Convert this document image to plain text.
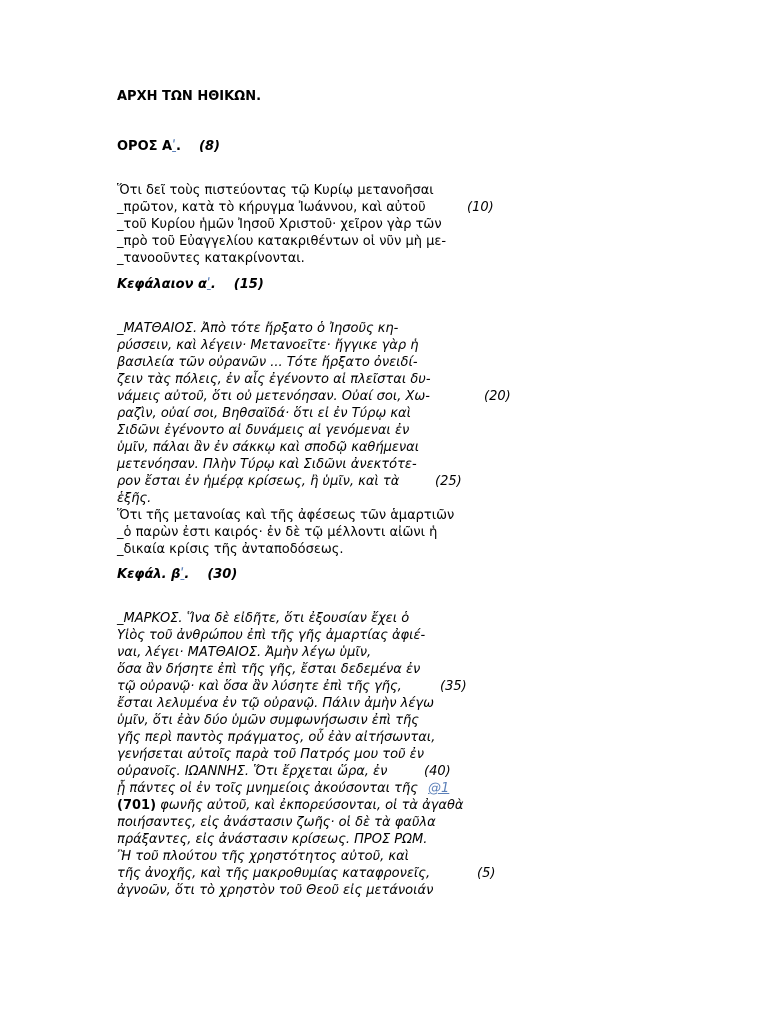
ΑΡΧΗ ΤΩΝ ΗΘΙΚΩΝ.
ΟΡΟΣ Αʹ. (8)
Ὅτι δεῖ τοὺς πιστεύοντας τῷ Κυρίῳ μετανοῆσαι
_πρῶτον, κατὰ τὸ κήρυγμα Ἰωάννου, καὶ αὐτοῦ	(10)
_τοῦ Κυρίου ἡμῶν Ἰησοῦ Χριστοῦ· χεῖρον γὰρ τῶν
_πρὸ τοῦ Εὐαγγελίου κατακριθέντων οἱ νῦν μὴ με-
_τανοοῦντες κατακρίνονται.
Κεφάλαιον αʹ. (15)
_ΜΑΤΘΑΙΟΣ. Ἀπὸ τότε ἤρξατο ὁ Ἰησοῦς κη-
ρύσσειν, καὶ λέγειν· Μετανοεῖτε· ἤγγικε γὰρ ἡ
βασιλεία τῶν οὐρανῶν ... Τότε ἤρξατο ὀνειδί-
ζειν τὰς πόλεις, ἐν αἷς ἐγένοντο αἱ πλεῖσται δυ-
νάμεις αὐτοῦ, ὅτι οὐ μετενόησαν. Οὐαί σοι, Χω-	(20)
ραζὶν, οὐαί σοι, Βηθσαϊδά· ὅτι εἰ ἐν Τύρῳ καὶ
Σιδῶνι ἐγένοντο αἱ δυνάμεις αἱ γενόμεναι ἐν
ὑμῖν, πάλαι ἂν ἐν σάκκῳ καὶ σποδῷ καθήμεναι
μετενόησαν. Πλὴν Τύρῳ καὶ Σιδῶνι ἀνεκτότε-
ρον ἔσται ἐν ἡμέρᾳ κρίσεως, ἢ ὑμῖν, καὶ τὰ	(25)
ἑξῆς.
Ὅτι τῆς μετανοίας καὶ τῆς ἀφέσεως τῶν ἁμαρτιῶν
_ὁ παρὼν ἐστι καιρός· ἐν δὲ τῷ μέλλοντι αἰῶνι ἡ
_δικαία κρίσις τῆς ἀνταποδόσεως.
Κεφάλ. βʹ. (30)
_ΜΑΡΚΟΣ. Ἵνα δὲ εἰδῆτε, ὅτι ἐξουσίαν ἔχει ὁ
Υἱὸς τοῦ ἀνθρώπου ἐπὶ τῆς γῆς ἀμαρτίας ἀφιέ-
ναι, λέγει· ΜΑΤΘΑΙΟΣ. Ἀμὴν λέγω ὑμῖν,
ὅσα ἂν δήσητε ἐπὶ τῆς γῆς, ἔσται δεδεμένα ἐν
τῷ οὐρανῷ· καὶ ὅσα ἂν λύσητε ἐπὶ τῆς γῆς,	(35)
ἔσται λελυμένα ἐν τῷ οὐρανῷ. Πάλιν ἀμὴν λέγω
ὑμῖν, ὅτι ἐὰν δύο ὑμῶν συμφωνήσωσιν ἐπὶ τῆς
γῆς περὶ παντὸς πράγματος, οὗ ἐὰν αἰτήσωνται,
γενήσεται αὐτοῖς παρὰ τοῦ Πατρός μου τοῦ ἐν
οὐρανοῖς. ΙΩΑΝΝΗΣ. Ὅτι ἔρχεται ὥρα, ἐν	(40)
ᾗ πάντες οἱ ἐν τοῖς μνημείοις ἀκούσονται τῆς @1
(701) φωνῆς αὐτοῦ, καὶ ἐκπορεύσονται, οἱ τὰ ἀγαθὰ
ποιήσαντες, εἰς ἀνάστασιν ζωῆς· οἱ δὲ τὰ φαῦλα
πράξαντες, εἰς ἀνάστασιν κρίσεως. ΠΡΟΣ ΡΩΜ.
Ἢ τοῦ πλούτου τῆς χρηστότητος αὐτοῦ, καὶ
τῆς ἀνοχῆς, καὶ τῆς μακροθυμίας καταφρονεῖς,	(5)
ἀγνοῶν, ὅτι τὸ χρηστὸν τοῦ Θεοῦ εἰς μετάνοιάν
